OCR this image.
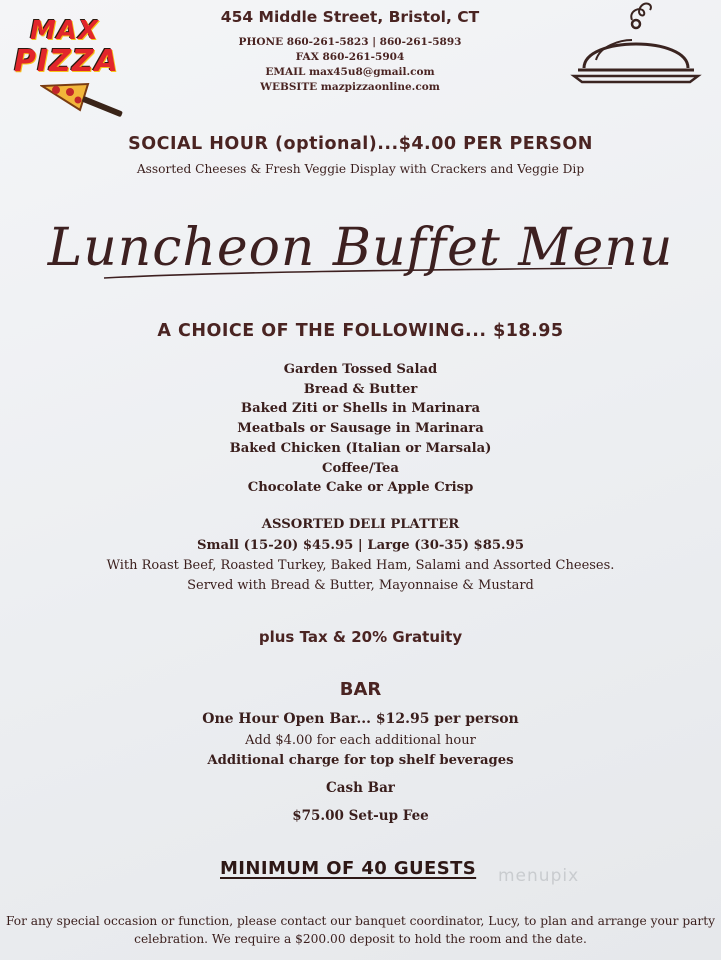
MAX
PIZZA
454 Middle Street, Bristol, CT
PHONE 860-261-5823 | 860-261-5893
FAX 860-261-5904
EMAIL max45u8@gmail.com
WEBSITE mazpizzaonline.com
SOCIAL HOUR (optional)...$4.00 PER PERSON
Assorted Cheeses & Fresh Veggie Display with Crackers and Veggie Dip
Luncheon Buffet Menu
A CHOICE OF THE FOLLOWING... $18.95
Garden Tossed Salad
Bread & Butter
Baked Ziti or Shells in Marinara
Meatbals or Sausage in Marinara
Baked Chicken (Italian or Marsala)
Coffee/Tea
Chocolate Cake or Apple Crisp
ASSORTED DELI PLATTER
Small (15-20) $45.95 | Large (30-35) $85.95
With Roast Beef, Roasted Turkey, Baked Ham, Salami and Assorted Cheeses.
Served with Bread & Butter, Mayonnaise & Mustard
plus Tax & 20% Gratuity
BAR
One Hour Open Bar... $12.95 per person
Add $4.00 for each additional hour
Additional charge for top shelf beverages
Cash Bar
$75.00 Set-up Fee
MINIMUM OF 40 GUESTS menupix
For any special occasion or function, please contact our banquet coordinator, Lucy, to plan and arrange your party
celebration. We require a $200.00 deposit to hold the room and the date.
